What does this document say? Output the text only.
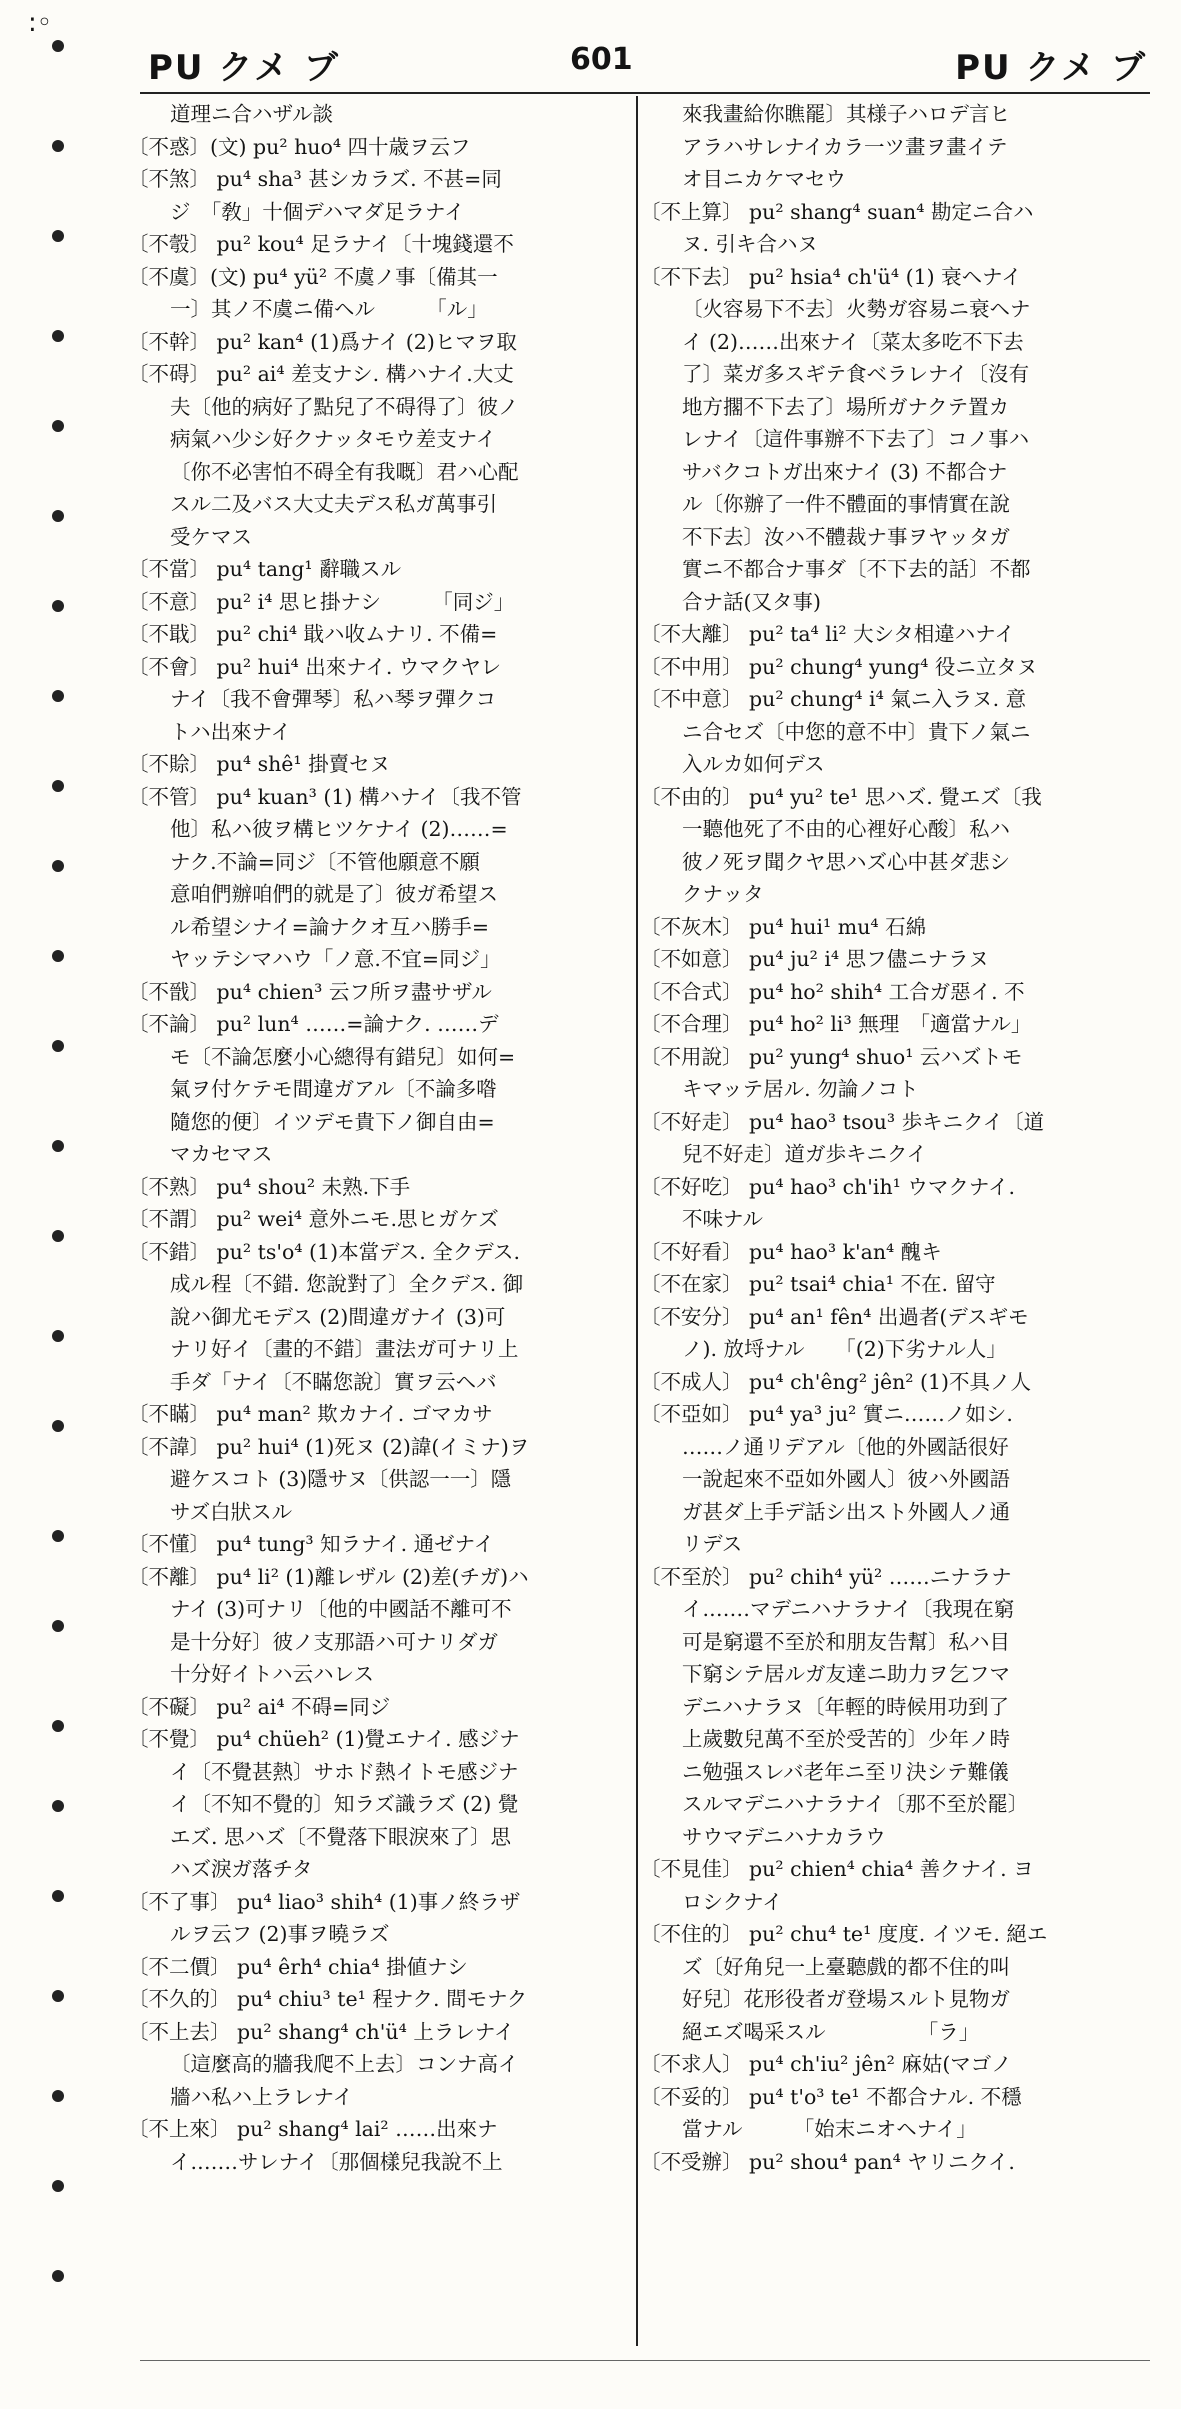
:◦
PU クメ ブ	601	PU クメ ブ
道理ニ合ハザル談
〔不惑〕(文) pu² huo⁴ 四十歳ヲ云フ
〔不煞〕 pu⁴ sha³ 甚シカラズ. 不甚=同
ジ　「敎」十個デハマダ足ラナイ
〔不彀〕 pu² kou⁴ 足ラナイ〔十塊錢還不
〔不虞〕(文) pu⁴ yü² 不虞ノ事〔備其一
一〕其ノ不虞ニ備ヘル　　　「ル」
〔不幹〕 pu² kan⁴ (1)爲ナイ (2)ヒマヲ取
〔不碍〕 pu² ai⁴ 差支ナシ. 構ハナイ.大丈
夫〔他的病好了點兒了不碍得了〕彼ノ
病氣ハ少シ好クナッタモウ差支ナイ
〔你不必害怕不碍全有我嘅〕君ハ心配
スル二及バス大丈夫デス私ガ萬事引
受ケマス
〔不當〕 pu⁴ tang¹ 辭職スル
〔不意〕 pu² i⁴ 思ヒ掛ナシ　　　「同ジ」
〔不戢〕 pu² chi⁴ 戢ハ收ムナリ. 不備=
〔不會〕 pu² hui⁴ 出來ナイ. ウマクヤレ
ナイ〔我不會彈琴〕私ハ琴ヲ彈クコ
トハ出來ナイ
〔不賒〕 pu⁴ shê¹ 掛賣セヌ
〔不管〕 pu⁴ kuan³ (1) 構ハナイ〔我不管
他〕私ハ彼ヲ構ヒツケナイ (2)……=
ナク.不論=同ジ〔不管他願意不願
意咱們辦咱們的就是了〕彼ガ希望ス
ル希望シナイ=論ナクオ互ハ勝手=
ヤッテシマハウ「ノ意.不宜=同ジ」
〔不戩〕 pu⁴ chien³ 云フ所ヲ盡サザル
〔不論〕 pu² lun⁴ ……=論ナク. ……デ
モ〔不論怎麼小心總得有錯兒〕如何=
氣ヲ付ケテモ間違ガアル〔不論多喒
隨您的便〕イツデモ貴下ノ御自由=
マカセマス
〔不熟〕 pu⁴ shou² 未熟.下手
〔不謂〕 pu² wei⁴ 意外ニモ.思ヒガケズ
〔不錯〕 pu² ts'o⁴ (1)本當デス. 全クデス.
成ル程〔不錯. 您說對了〕全クデス. 御
說ハ御尤モデス (2)間違ガナイ (3)可
ナリ好イ〔畫的不錯〕畫法ガ可ナリ上
手ダ「ナイ〔不瞞您說〕實ヲ云ヘバ
〔不瞞〕 pu⁴ man² 欺カナイ. ゴマカサ
〔不諱〕 pu² hui⁴ (1)死ヌ (2)諱(イミナ)ヲ
避ケスコト (3)隱サヌ〔供認一一〕隱
サズ白狀スル
〔不懂〕 pu⁴ tung³ 知ラナイ. 通ゼナイ
〔不離〕 pu⁴ li² (1)離レザル (2)差(チガ)ハ
ナイ (3)可ナリ〔他的中國話不離可不
是十分好〕彼ノ支那語ハ可ナリダガ
十分好イトハ云ハレス
〔不礙〕 pu² ai⁴ 不碍=同ジ
〔不覺〕 pu⁴ chüeh² (1)覺エナイ. 感ジナ
イ〔不覺甚熱〕サホド熱イトモ感ジナ
イ〔不知不覺的〕知ラズ識ラズ (2) 覺
エズ. 思ハズ〔不覺落下眼淚來了〕思
ハズ淚ガ落チタ
〔不了事〕 pu⁴ liao³ shih⁴ (1)事ノ終ラザ
ルヲ云フ (2)事ヲ曉ラズ
〔不二價〕 pu⁴ êrh⁴ chia⁴ 掛値ナシ
〔不久的〕 pu⁴ chiu³ te¹ 程ナク. 間モナク
〔不上去〕 pu² shang⁴ ch'ü⁴ 上ラレナイ
〔這麼高的牆我爬不上去〕コンナ高イ
牆ハ私ハ上ラレナイ
〔不上來〕 pu² shang⁴ lai² ……出來ナ
イ.……サレナイ〔那個樣兒我說不上
來我畫給你瞧罷〕其様子ハロデ言ヒ
アラハサレナイカラ一ツ畫ヲ畫イテ
オ目ニカケマセウ
〔不上算〕 pu² shang⁴ suan⁴ 勘定ニ合ハ
ヌ. 引キ合ハヌ
〔不下去〕 pu² hsia⁴ ch'ü⁴ (1) 衰ヘナイ
〔火容易下不去〕火勢ガ容易ニ衰ヘナ
イ (2)……出來ナイ〔菜太多吃不下去
了〕菜ガ多スギテ食ベラレナイ〔沒有
地方擱不下去了〕場所ガナクテ置カ
レナイ〔這件事辦不下去了〕コノ事ハ
サバクコトガ出來ナイ (3) 不都合ナ
ル〔你辦了一件不體面的事情實在說
不下去〕汝ハ不體裁ナ事ヲヤッタガ
實ニ不都合ナ事ダ〔不下去的話〕不都
合ナ話(又タ事)
〔不大離〕 pu² ta⁴ li² 大シタ相違ハナイ
〔不中用〕 pu² chung⁴ yung⁴ 役ニ立タヌ
〔不中意〕 pu² chung⁴ i⁴ 氣ニ入ラヌ. 意
ニ合セズ〔中您的意不中〕貴下ノ氣ニ
入ルカ如何デス
〔不由的〕 pu⁴ yu² te¹ 思ハズ. 覺エズ〔我
一聽他死了不由的心裡好心酸〕私ハ
彼ノ死ヲ聞クヤ思ハズ心中甚ダ悲シ
クナッタ
〔不灰木〕 pu⁴ hui¹ mu⁴ 石綿
〔不如意〕 pu⁴ ju² i⁴ 思フ儘ニナラヌ
〔不合式〕 pu⁴ ho² shih⁴ 工合ガ惡イ. 不
〔不合理〕 pu⁴ ho² li³ 無理　「適當ナル」
〔不用說〕 pu² yung⁴ shuo¹ 云ハズトモ
キマッテ居ル. 勿論ノコト
〔不好走〕 pu⁴ hao³ tsou³ 歩キニクイ〔道
兒不好走〕道ガ歩キニクイ
〔不好吃〕 pu⁴ hao³ ch'ih¹ ウマクナイ.
不味ナル
〔不好看〕 pu⁴ hao³ k'an⁴ 醜キ
〔不在家〕 pu² tsai⁴ chia¹ 不在. 留守
〔不安分〕 pu⁴ an¹ fên⁴ 出過者(デスギモ
ノ). 放埒ナル　　「(2)下劣ナル人」
〔不成人〕 pu⁴ ch'êng² jên² (1)不具ノ人
〔不亞如〕 pu⁴ ya³ ju² 實ニ……ノ如シ.
……ノ通リデアル〔他的外國話很好
一說起來不亞如外國人〕彼ハ外國語
ガ甚ダ上手デ話シ出スト外國人ノ通
リデス
〔不至於〕 pu² chih⁴ yü² ……ニナラナ
イ.……マデニハナラナイ〔我現在窮
可是窮還不至於和朋友告幫〕私ハ目
下窮シテ居ルガ友達ニ助力ヲ乞フマ
デニハナラヌ〔年輕的時候用功到了
上歲數兒萬不至於受苦的〕少年ノ時
ニ勉强スレバ老年ニ至リ決シテ難儀
スルマデニハナラナイ〔那不至於罷〕
サウマデニハナカラウ
〔不見佳〕 pu² chien⁴ chia⁴ 善クナイ. ヨ
ロシクナイ
〔不住的〕 pu² chu⁴ te¹ 度度. イツモ. 絕エ
ズ〔好角兒一上臺聽戲的都不住的叫
好兒〕花形役者ガ登場スルト見物ガ
絕エズ喝采スル　　　　　「ラ」
〔不求人〕 pu⁴ ch'iu² jên² 麻姑(マゴノ
〔不妥的〕 pu⁴ t'o³ te¹ 不都合ナル. 不穩
當ナル　　　「始末ニオヘナイ」
〔不受辦〕 pu² shou⁴ pan⁴ ヤリニクイ.
